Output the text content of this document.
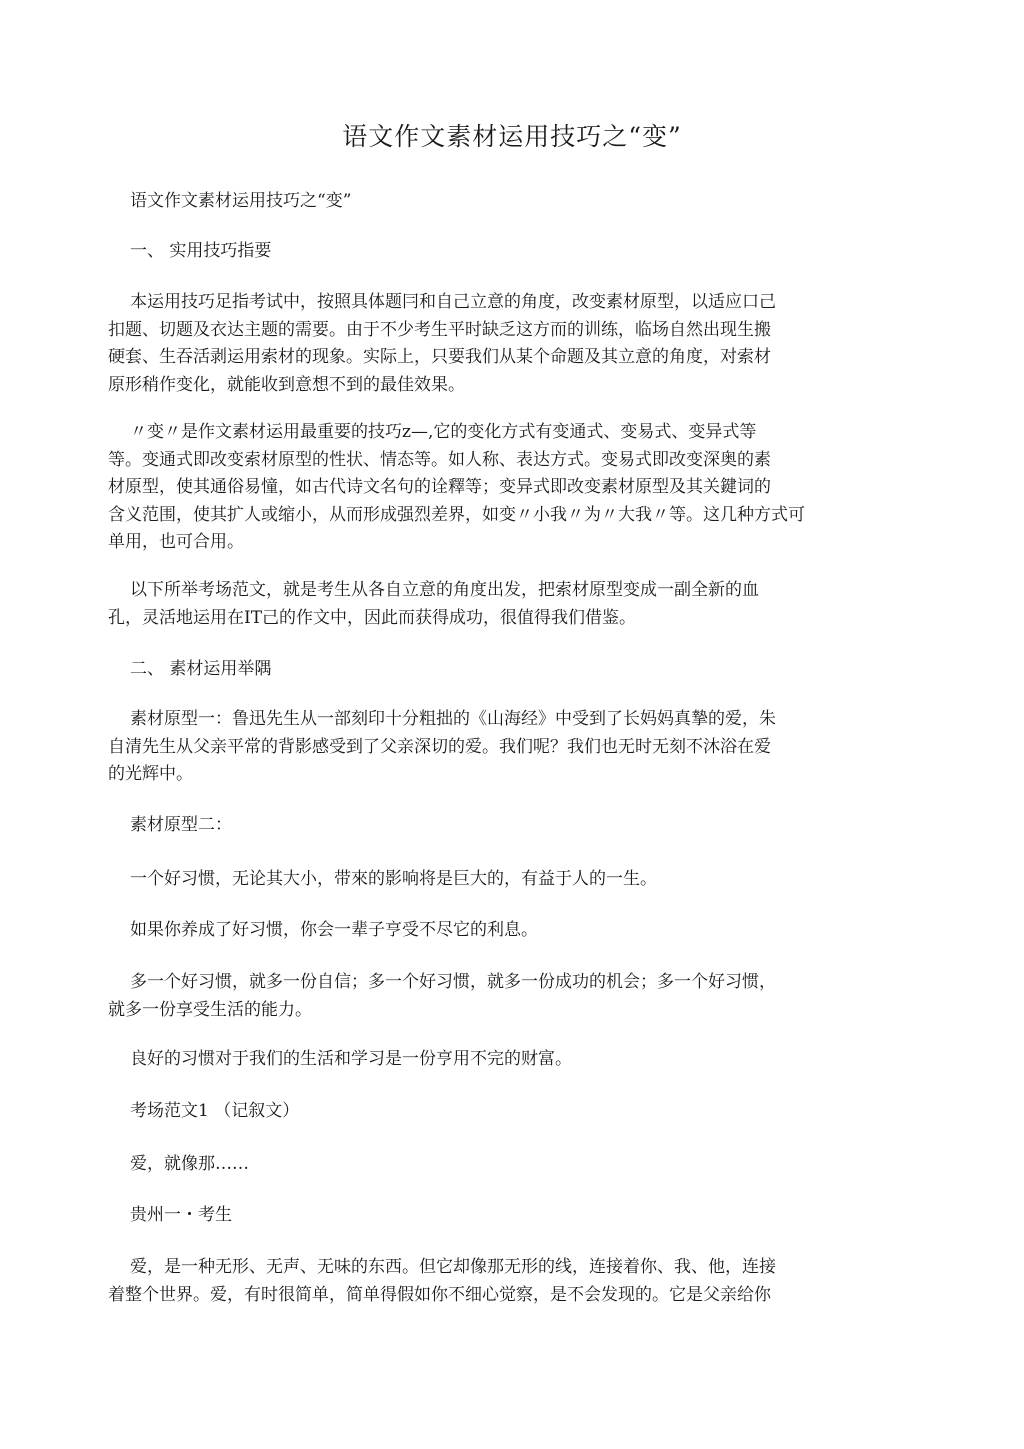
语文作文素材运用技巧之“变”
语文作文素材运用技巧之“变”
一、 实用技巧指要
本运用技巧足指考试中，按照具体题冃和自己立意的角度，改变素材原型，以适应口己
扣题、切题及衣达主题的需要。由于不少考生平时缺乏这方而的训练，临场自然出现生搬
硬套、生吞活剥运用索材的现象。实际上，只要我们从某个命题及其立意的角度，对索材
原形稍作变化，就能收到意想不到的最佳效果。
〃变〃是作文素材运用最重要的技巧z—,它的变化方式有变通式、变易式、变异式等
等。变通式即改变索材原型的性状、情态等。如人称、表达方式。变易式即改变深奥的素
材原型，使其通俗易憧，如古代诗文名句的诠釋等；变异式即改变素材原型及其关鍵词的
含义范围，使其扩人或缩小，从而形成强烈差界，如变〃小我〃为〃大我〃等。这几种方式可
单用，也可合用。
以下所举考场范文，就是考生从各自立意的角度出发，把索材原型变成一副全新的血
孔，灵活地运用在IT己的作文中，因此而获得成功，很值得我们借鉴。
二、 素材运用举隅
素材原型一：鲁迅先生从一部刻印十分粗拙的《山海经》中受到了长妈妈真摯的爱，朱
自清先生从父亲平常的背影感受到了父亲深切的爱。我们呢？我们也无时无刻不沐浴在爱
的光辉中。
素材原型二：
一个好习惯，无论其大小，带來的影响将是巨大的，有益于人的一生。
如果你养成了好习惯，你会一辈子亨受不尽它的利息。
多一个好习惯，就多一份自信；多一个好习惯，就多一份成功的机会；多一个好习惯，
就多一份享受生活的能力。
良好的习惯对于我们的生活和学习是一份亨用不完的财富。
考场范文1 （记叙文）
爱，就像那……
贵州一・考生
爱，是一种无形、无声、无味的东西。但它却像那无形的线，连接着你、我、他，连接
着整个世界。爱，有时很简单，简单得假如你不细心觉察，是不会发现的。它是父亲给你
